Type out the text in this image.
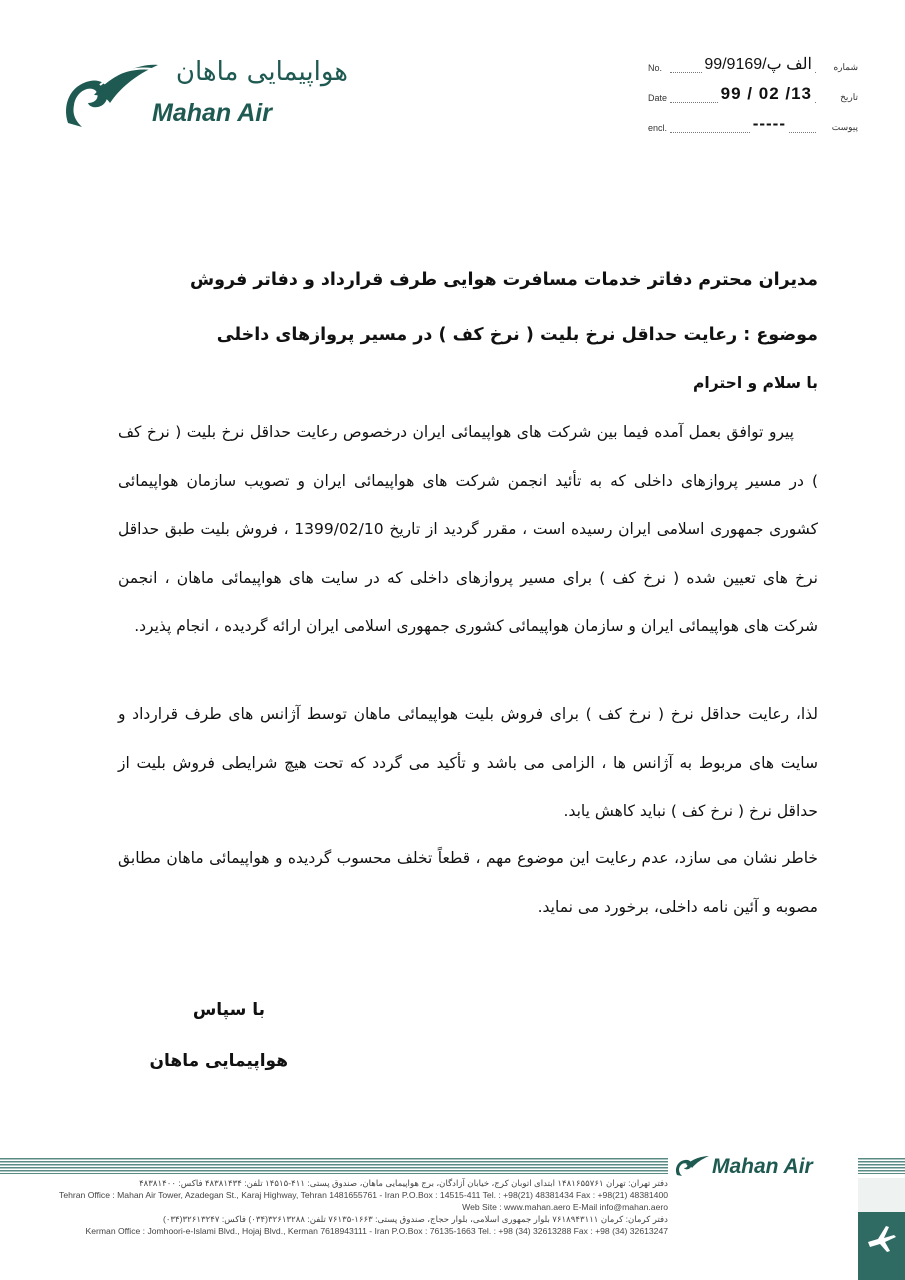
هواپیمایی ماهان
Mahan Air
No.	الف پ/99/9169 شماره
Date	99 / 02 /13	تاریخ
encl.	-----	پیوست
مدیران محترم دفاتر خدمات مسافرت هوایی طرف قرارداد و دفاتر فروش
موضوع : رعایت حداقل نرخ بلیت ( نرخ کف ) در مسیر پروازهای داخلی
با سلام و احترام
پیرو توافق بعمل آمده فیما بین شرکت های هواپیمائی ایران درخصوص رعایت حداقل نرخ بلیت ( نرخ کف ) در مسیر پروازهای داخلی که به تأئید انجمن شرکت های هواپیمائی ایران و تصویب سازمان هواپیمائی کشوری جمهوری اسلامی ایران رسیده است ، مقرر گردید از تاریخ 1399/02/10 ، فروش بلیت طبق حداقل نرخ های تعیین شده ( نرخ کف ) برای مسیر پروازهای داخلی که در سایت های هواپیمائی ماهان ، انجمن شرکت های هواپیمائی ایران و سازمان هواپیمائی کشوری جمهوری اسلامی ایران ارائه گردیده ، انجام پذیرد.
لذا، رعایت حداقل نرخ ( نرخ کف ) برای فروش بلیت هواپیمائی ماهان توسط آژانس های طرف قرارداد و سایت های مربوط به آژانس ها ، الزامی می باشد و تأکید می گردد که تحت هیچ شرایطی فروش بلیت از حداقل نرخ ( نرخ کف ) نباید کاهش یابد.
خاطر نشان می سازد، عدم رعایت این موضوع مهم ، قطعاً تخلف محسوب گردیده و هواپیمائی ماهان مطابق مصوبه و آئین نامه داخلی، برخورد می نماید.
با سپاس
هواپیمایی ماهان
Mahan Air
دفتر تهران: تهران ۱۴۸۱۶۵۵۷۶۱ ابتدای اتوبان کرج، خیابان آزادگان، برج هواپیمایی ماهان، صندوق پستی: ۴۱۱-۱۴۵۱۵ تلفن: ۴۸۳۸۱۴۳۴ فاکس: ۴۸۳۸۱۴۰۰
Tehran Office : Mahan Air Tower, Azadegan St., Karaj Highway, Tehran 1481655761 - Iran P.O.Box : 14515-411 Tel. : +98(21) 48381434 Fax : +98(21) 48381400
Web Site : www.mahan.aero E-Mail info@mahan.aero
دفتر کرمان: کرمان ۷۶۱۸۹۴۳۱۱۱ بلوار جمهوری اسلامی، بلوار حجاج، صندوق پستی: ۱۶۶۳-۷۶۱۳۵ تلفن: ۳۲۶۱۳۲۸۸(۰۳۴) فاکس: ۳۲۶۱۳۲۴۷(۰۳۴)
Kerman Office : Jomhoori-e-Islami Blvd., Hojaj Blvd., Kerman 7618943111 - Iran P.O.Box : 76135-1663 Tel. : +98 (34) 32613288 Fax : +98 (34) 32613247
